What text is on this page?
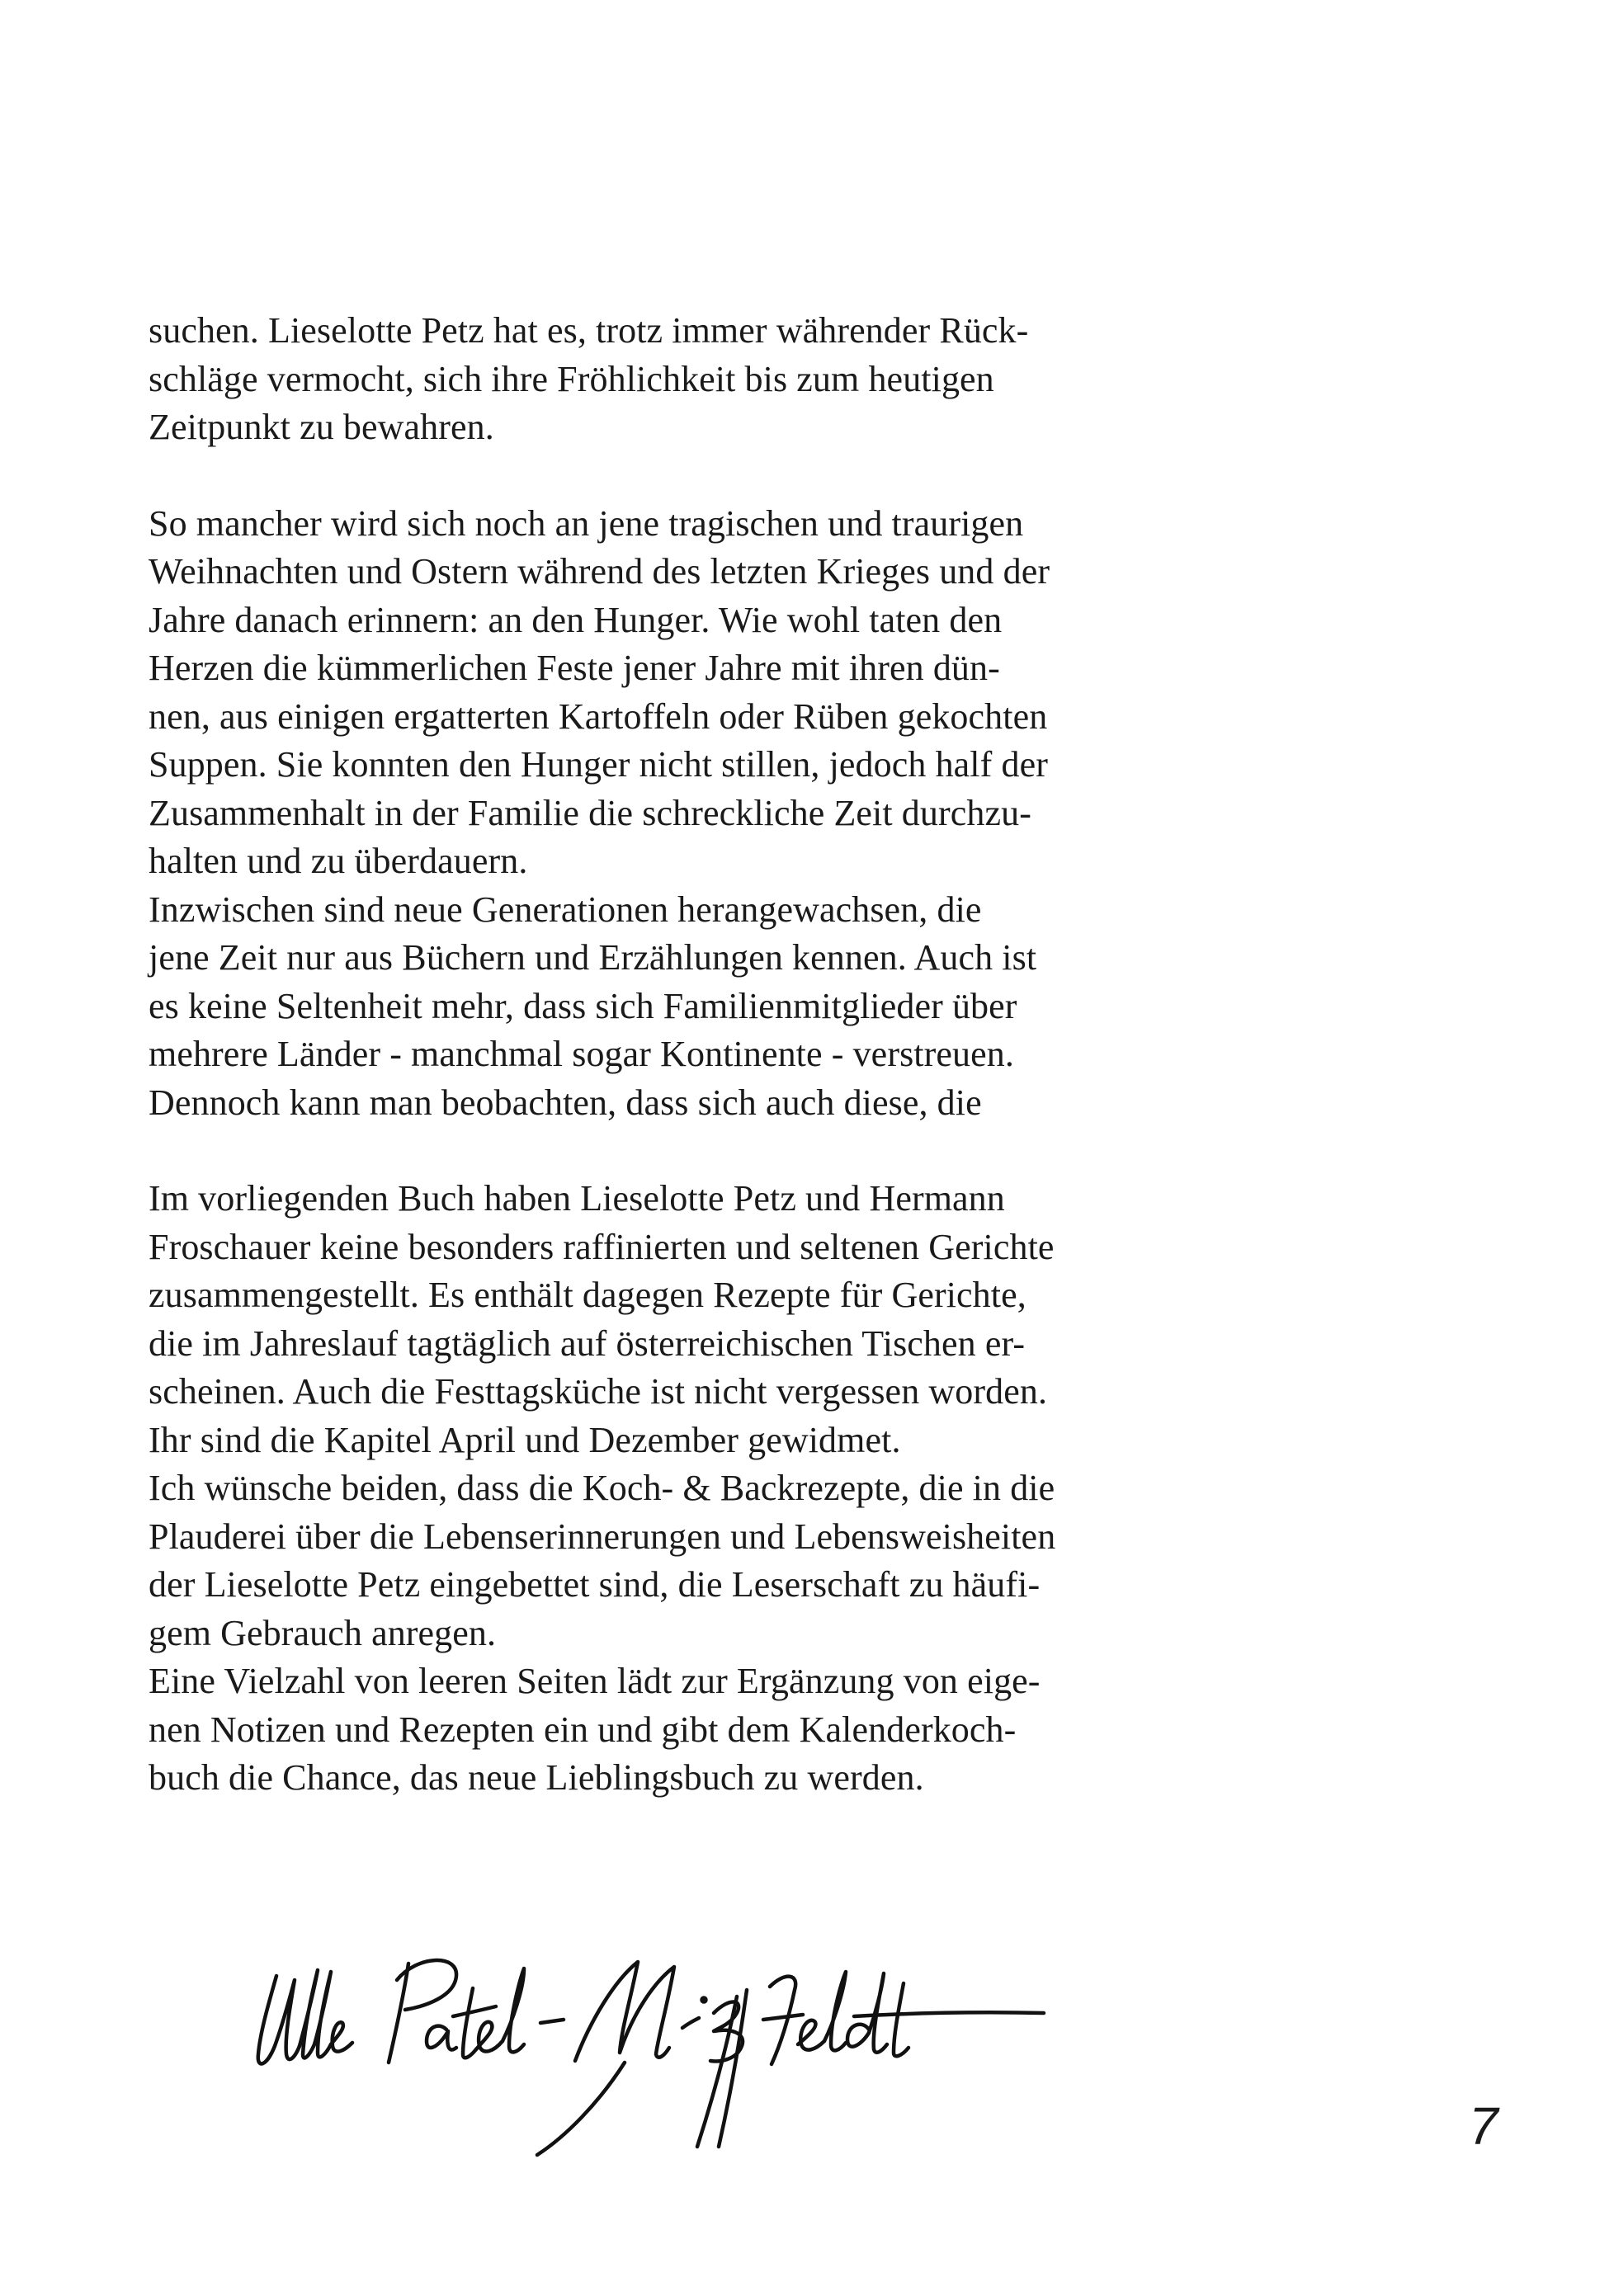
suchen. Lieselotte Petz hat es, trotz immer währender Rück-
schläge vermocht, sich ihre Fröhlichkeit bis zum heutigen
Zeitpunkt zu bewahren.

So mancher wird sich noch an jene tragischen und traurigen
Weihnachten und Ostern während des letzten Krieges und der
Jahre danach erinnern: an den Hunger. Wie wohl taten den
Herzen die kümmerlichen Feste jener Jahre mit ihren dün-
nen, aus einigen ergatterten Kartoffeln oder Rüben gekochten
Suppen. Sie konnten den Hunger nicht stillen, jedoch half der
Zusammenhalt in der Familie die schreckliche Zeit durchzu-
halten und zu überdauern.
Inzwischen sind neue Generationen herangewachsen, die
jene Zeit nur aus Büchern und Erzählungen kennen. Auch ist
es keine Seltenheit mehr, dass sich Familienmitglieder über
mehrere Länder - manchmal sogar Kontinente - verstreuen.
Dennoch kann man beobachten, dass sich auch diese, die

Im vorliegenden Buch haben Lieselotte Petz und Hermann
Froschauer keine besonders raffinierten und seltenen Gerichte
zusammengestellt. Es enthält dagegen Rezepte für Gerichte,
die im Jahreslauf tagtäglich auf österreichischen Tischen er-
scheinen. Auch die Festtagsküche ist nicht vergessen worden.
Ihr sind die Kapitel April und Dezember gewidmet.
Ich wünsche beiden, dass die Koch- & Backrezepte, die in die
Plauderei über die Lebenserinnerungen und Lebensweisheiten
der Lieselotte Petz eingebettet sind, die Leserschaft zu häufi-
gem Gebrauch anregen.
Eine Vielzahl von leeren Seiten lädt zur Ergänzung von eige-
nen Notizen und Rezepten ein und gibt dem Kalenderkoch-
buch die Chance, das neue Lieblingsbuch zu werden.

7
